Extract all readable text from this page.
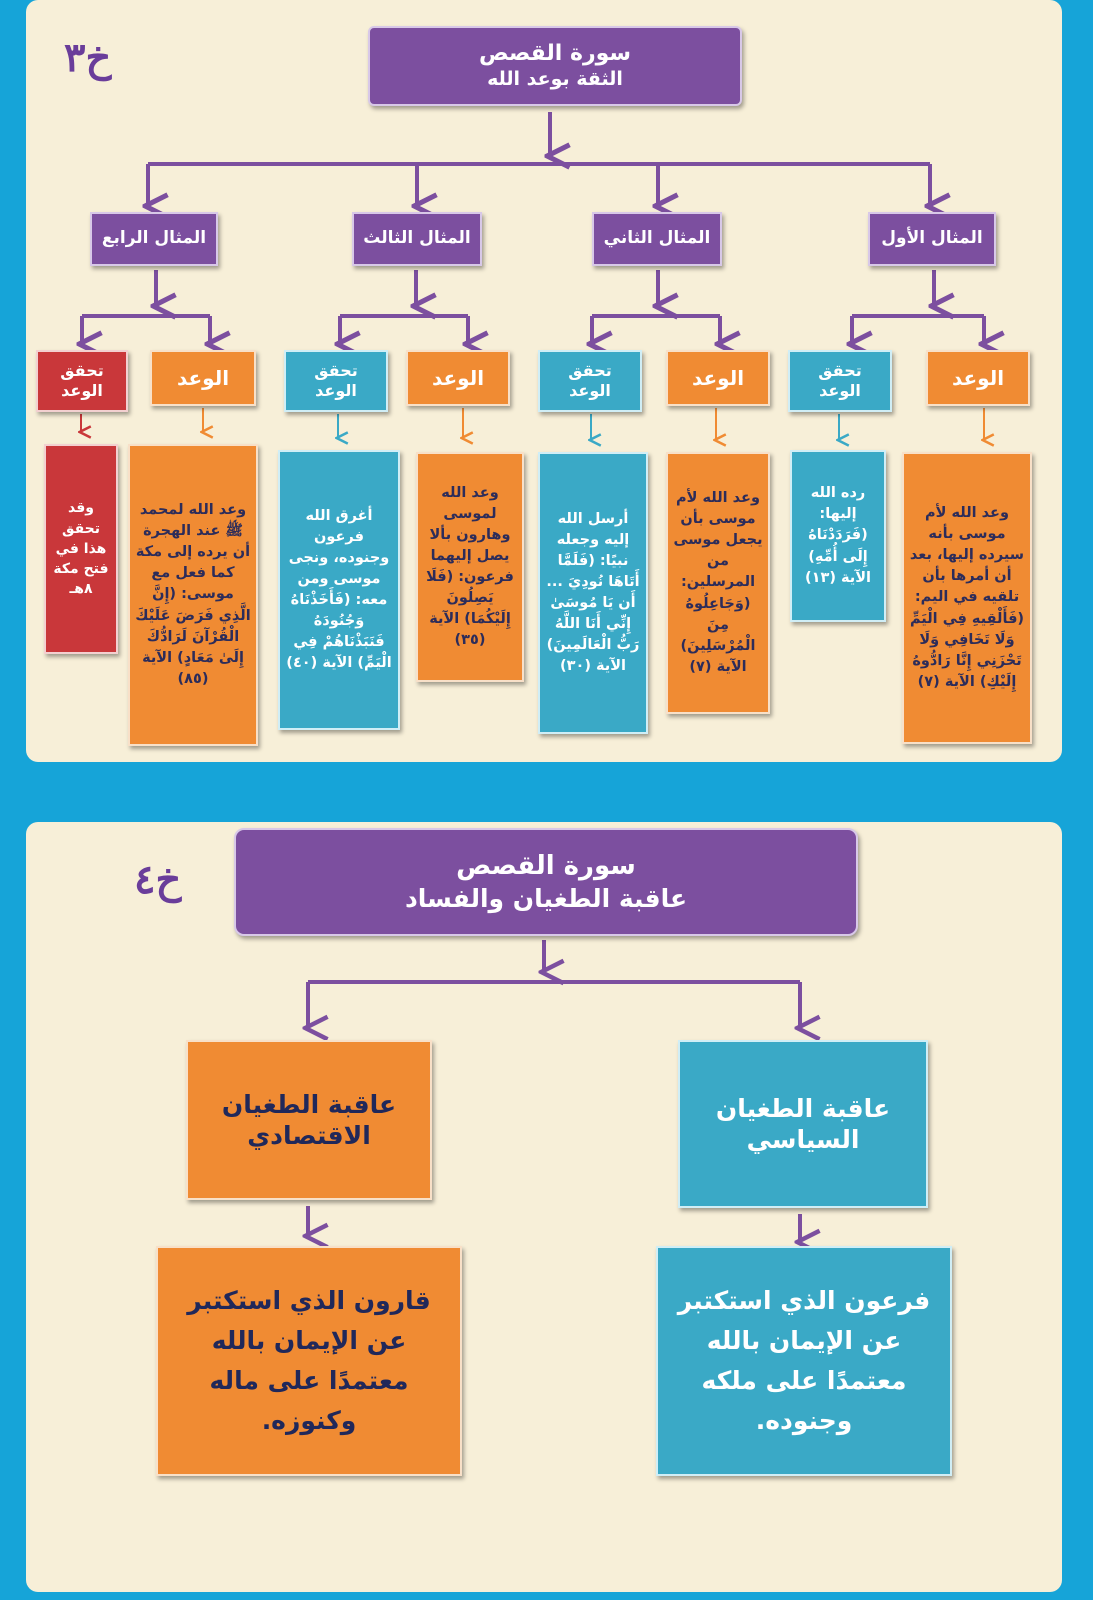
خ٣	سورة القصص
الثقة بوعد الله
المثال الرابع	المثال الثالث	المثال الثاني	المثال الأول
تحقق الوعد
الوعد
وقد تحقق هذا في فتح مكة ٨هـ
وعد الله لمحمد ﷺ عند الهجرة أن يرده إلى مكة كما فعل مع موسى: (إِنَّ الَّذِي فَرَضَ عَلَيْكَ الْقُرْآنَ لَرَادُّكَ إِلَىٰ مَعَادٍ) الآية (٨٥)
تحقق الوعد
الوعد
أغرق الله فرعون وجنوده، ونجى موسى ومن معه: (فَأَخَذْنَاهُ وَجُنُودَهُ فَنَبَذْنَاهُمْ فِي الْيَمِّ) الآية (٤٠)
وعد الله لموسى وهارون بألا يصل إليهما فرعون: (فَلَا يَصِلُونَ إِلَيْكُمَا) الآية (٣٥)
تحقق الوعد
الوعد
أرسل الله إليه وجعله نبيًا: (فَلَمَّا أَتَاهَا نُودِيَ ... أَن يَا مُوسَىٰ إِنِّي أَنَا اللَّهُ رَبُّ الْعَالَمِينَ) الآية (٣٠)
وعد الله لأم موسى بأن يجعل موسى من المرسلين: (وَجَاعِلُوهُ مِنَ الْمُرْسَلِينَ) الآية (٧)
تحقق الوعد
الوعد
رده الله إليها: (فَرَدَدْنَاهُ إِلَى أُمِّهِ) الآية (١٣)
وعد الله لأم موسى بأنه سيرده إليها، بعد أن أمرها بأن تلقيه في اليم: (فَأَلْقِيهِ فِي الْيَمِّ وَلَا تَخَافِي وَلَا تَحْزَنِي إِنَّا رَادُّوهُ إِلَيْكِ) الآية (٧)
خ٤	سورة القصص
عاقبة الطغيان والفساد
عاقبة الطغيان الاقتصادي
عاقبة الطغيان السياسي
قارون الذي استكتبر عن الإيمان بالله معتمدًا على ماله وكنوزه.
فرعون الذي استكتبر عن الإيمان بالله معتمدًا على ملكه وجنوده.
